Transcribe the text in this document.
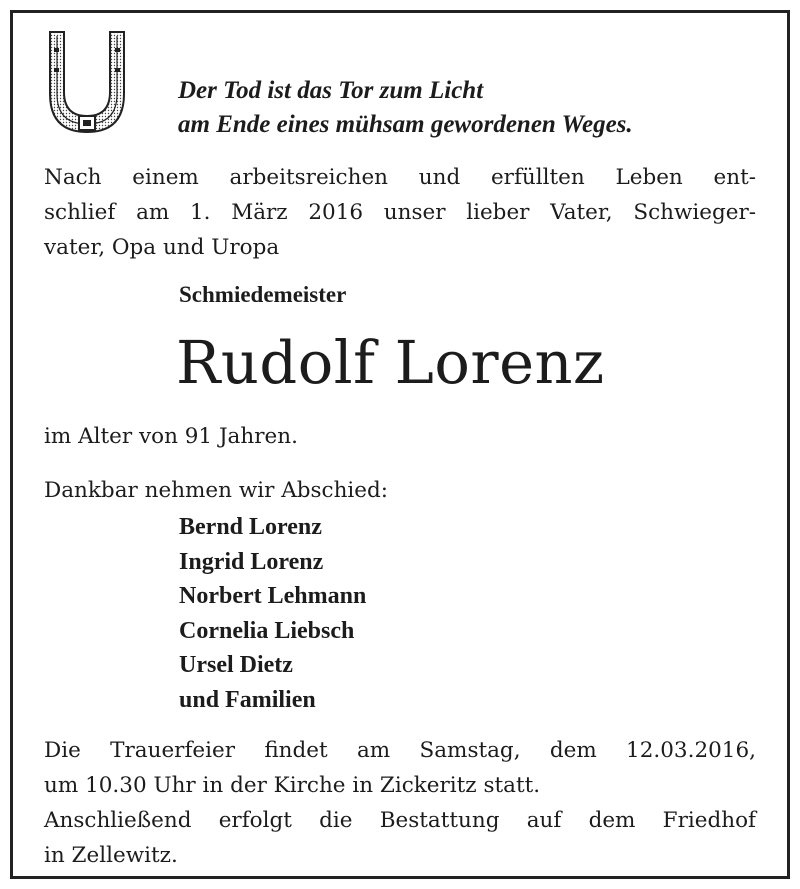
Der Tod ist das Tor zum Licht
am Ende eines mühsam gewordenen Weges.
Nach einem arbeitsreichen und erfüllten Leben ent-
schlief am 1. März 2016 unser lieber Vater, Schwieger-
vater, Opa und Uropa
Schmiedemeister
Rudolf Lorenz
im Alter von 91 Jahren.
Dankbar nehmen wir Abschied:
Bernd Lorenz
Ingrid Lorenz
Norbert Lehmann
Cornelia Liebsch
Ursel Dietz
und Familien
Die Trauerfeier findet am Samstag, dem 12.03.2016,
um 10.30 Uhr in der Kirche in Zickeritz statt.
Anschließend erfolgt die Bestattung auf dem Friedhof
in Zellewitz.
